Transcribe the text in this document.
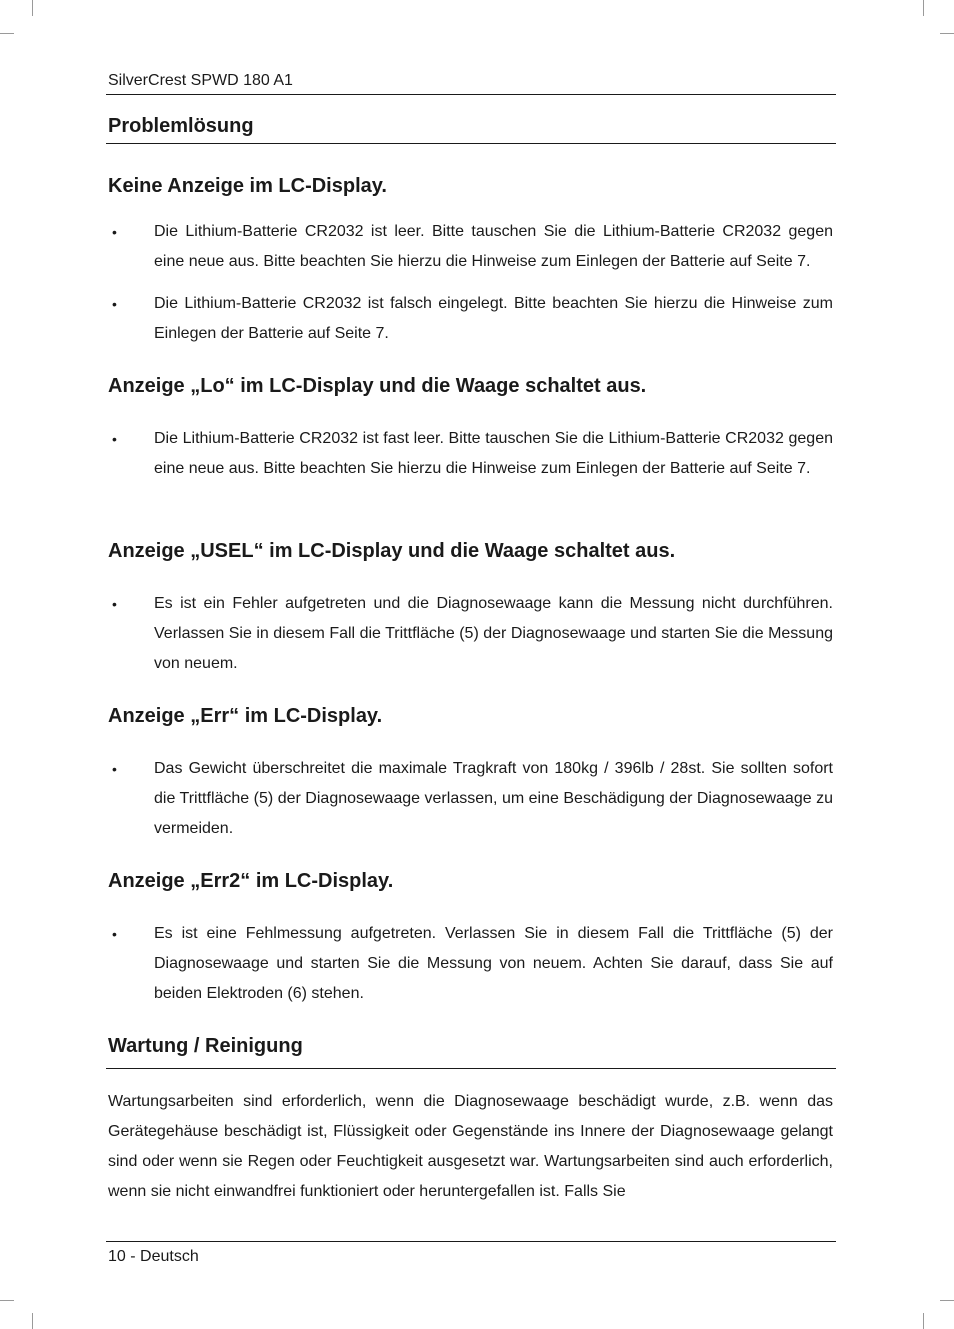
SilverCrest SPWD 180 A1
Problemlösung
Keine Anzeige im LC-Display.
• Die Lithium-Batterie CR2032 ist leer. Bitte tauschen Sie die Lithium-Batterie CR2032 gegen eine neue aus. Bitte beachten Sie hierzu die Hinweise zum Einlegen der Batterie auf Seite 7.
• Die Lithium-Batterie CR2032 ist falsch eingelegt. Bitte beachten Sie hierzu die Hinweise zum Einlegen der Batterie auf Seite 7.
Anzeige „Lo“ im LC-Display und die Waage schaltet aus.
• Die Lithium-Batterie CR2032 ist fast leer. Bitte tauschen Sie die Lithium-Batterie CR2032 gegen eine neue aus. Bitte beachten Sie hierzu die Hinweise zum Einlegen der Batterie auf Seite 7.
Anzeige „USEL“ im LC-Display und die Waage schaltet aus.
• Es ist ein Fehler aufgetreten und die Diagnosewaage kann die Messung nicht durchführen. Verlassen Sie in diesem Fall die Trittfläche (5) der Diagnosewaage und starten Sie die Messung von neuem.
Anzeige „Err“ im LC-Display.
• Das Gewicht überschreitet die maximale Tragkraft von 180kg / 396lb / 28st. Sie sollten sofort die Trittfläche (5) der Diagnosewaage verlassen, um eine Beschädigung der Diagnosewaage zu vermeiden.
Anzeige „Err2“ im LC-Display.
• Es ist eine Fehlmessung aufgetreten. Verlassen Sie in diesem Fall die Trittfläche (5) der Diagnosewaage und starten Sie die Messung von neuem. Achten Sie darauf, dass Sie auf beiden Elektroden (6) stehen.
Wartung / Reinigung
Wartungsarbeiten sind erforderlich, wenn die Diagnosewaage beschädigt wurde, z.B. wenn das Gerätegehäuse beschädigt ist, Flüssigkeit oder Gegenstände ins Innere der Diagnosewaage gelangt sind oder wenn sie Regen oder Feuchtigkeit ausgesetzt war. Wartungsarbeiten sind auch erforderlich, wenn sie nicht einwandfrei funktioniert oder heruntergefallen ist. Falls Sie
10 - Deutsch
